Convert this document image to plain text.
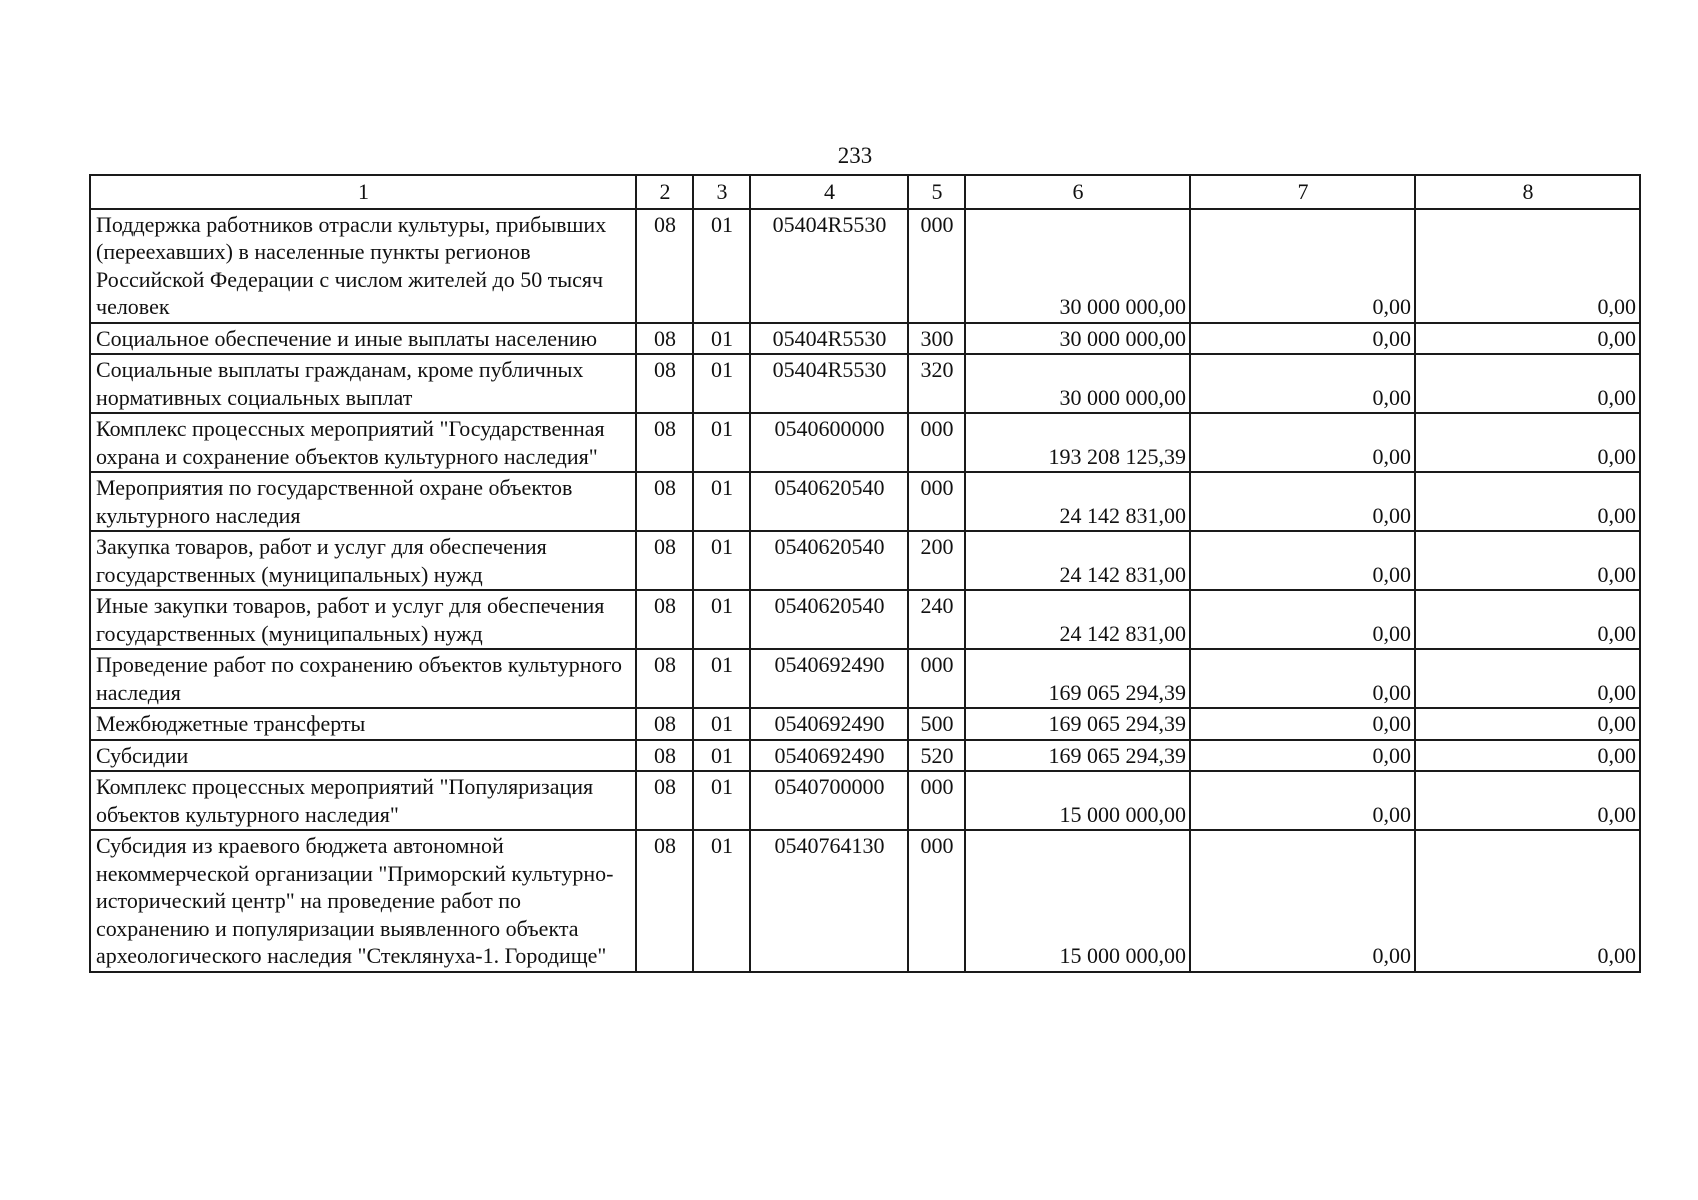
233
1	2	3	4	5	6	7	8
Поддержка работников отрасли культуры, прибывших (переехавших) в населенные пункты регионов Российской Федерации с числом жителей до 50 тысяч человек	08	01	05404R5530	000	30 000 000,00	0,00	0,00
Социальное обеспечение и иные выплаты населению	08	01	05404R5530	300	30 000 000,00	0,00	0,00
Социальные выплаты гражданам, кроме публичных нормативных социальных выплат	08	01	05404R5530	320	30 000 000,00	0,00	0,00
Комплекс процессных мероприятий "Государственная охрана и сохранение объектов культурного наследия"	08	01	0540600000	000	193 208 125,39	0,00	0,00
Мероприятия по государственной охране объектов культурного наследия	08	01	0540620540	000	24 142 831,00	0,00	0,00
Закупка товаров, работ и услуг для обеспечения государственных (муниципальных) нужд	08	01	0540620540	200	24 142 831,00	0,00	0,00
Иные закупки товаров, работ и услуг для обеспечения государственных (муниципальных) нужд	08	01	0540620540	240	24 142 831,00	0,00	0,00
Проведение работ по сохранению объектов культурного наследия	08	01	0540692490	000	169 065 294,39	0,00	0,00
Межбюджетные трансферты	08	01	0540692490	500	169 065 294,39	0,00	0,00
Субсидии	08	01	0540692490	520	169 065 294,39	0,00	0,00
Комплекс процессных мероприятий "Популяризация объектов культурного наследия"	08	01	0540700000	000	15 000 000,00	0,00	0,00
Субсидия из краевого бюджета автономной некоммерческой организации "Приморский культурно-исторический центр" на проведение работ по сохранению и популяризации выявленного объекта археологического наследия "Стеклянуха-1. Городище"	08	01	0540764130	000	15 000 000,00	0,00	0,00
